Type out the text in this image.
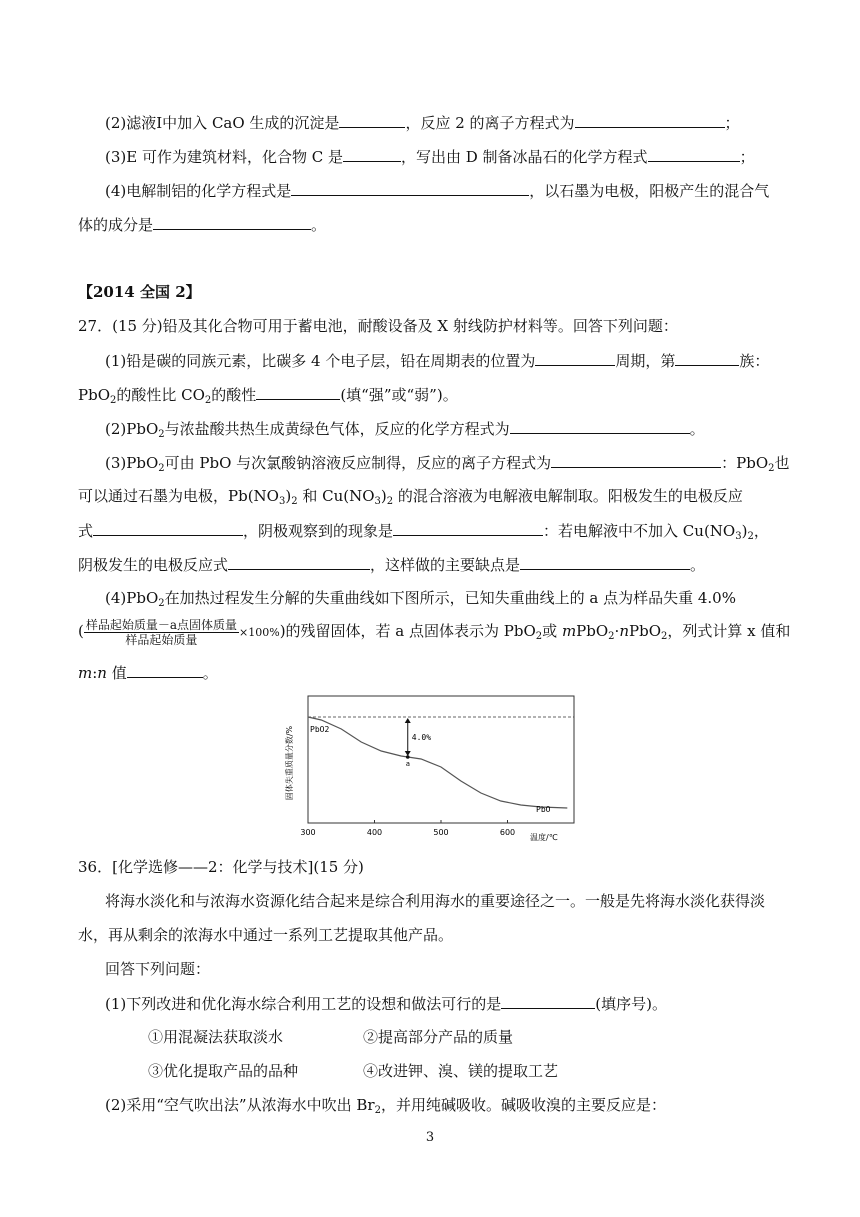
(2)滤液I中加入 CaO 生成的沉淀是	，反应 2 的离子方程式为	；
(3)E 可作为建筑材料，化合物 C 是	，写出由 D 制备冰晶石的化学方程式	；
(4)电解制铝的化学方程式是	，以石墨为电极，阳极产生的混合气
体的成分是	。
【2014 全国 2】
27．(15 分)铅及其化合物可用于蓄电池，耐酸设备及 X 射线防护材料等。回答下列问题：
(1)铅是碳的同族元素，比碳多 4 个电子层，铅在周期表的位置为	周期，第	族：
PbO$_2$的酸性比 $CO_2$的酸性	(填“强”或“弱”)。
(2)PbO$_2$与浓盐酸共热生成黄绿色气体，反应的化学方程式为	。
(3)PbO$_2$可由 PbO 与次氯酸钠溶液反应制得，反应的离子方程式为	：PbO$_2$也
可以通过石墨为电极，$Pb(NO_3)_2$ 和 $Cu(NO_3)_2$ 的混合溶液为电解液电解制取。阳极发生的电极反应
式	，阴极观察到的现象是	：若电解液中不加入 $Cu(NO_3)_2$，
阴极发生的电极反应式	，这样做的主要缺点是	。
(4)PbO$_2$在加热过程发生分解的失重曲线如下图所示，已知失重曲线上的 a 点为样品失重 4.0%
( $\frac{\text{样品起始质量－a点固体质量}}{\text{样品起始质量}} \times 100\%$)的残留固体，若 a 点固体表示为 PbO$_2$或 mPbO$_2$·nPbO$_2$，列式计算 x 值和
m:n 值	。
a
PbO2
PbO
4.0%
固体失重质量分数/%
300	400	500	600
温度/℃
36．[化学选修——2：化学与技术](15 分)
将海水淡化和与浓海水资源化结合起来是综合利用海水的重要途径之一。一般是先将海水淡化获得淡
水，再从剩余的浓海水中通过一系列工艺提取其他产品。
回答下列问题：
(1)下列改进和优化海水综合利用工艺的设想和做法可行的是	(填序号)。
①用混凝法获取淡水	②提高部分产品的质量
③优化提取产品的品种	④改进钾、溴、镁的提取工艺
(2)采用“空气吹出法”从浓海水中吹出 $Br_2$，并用纯碱吸收。碱吸收溴的主要反应是：
3
